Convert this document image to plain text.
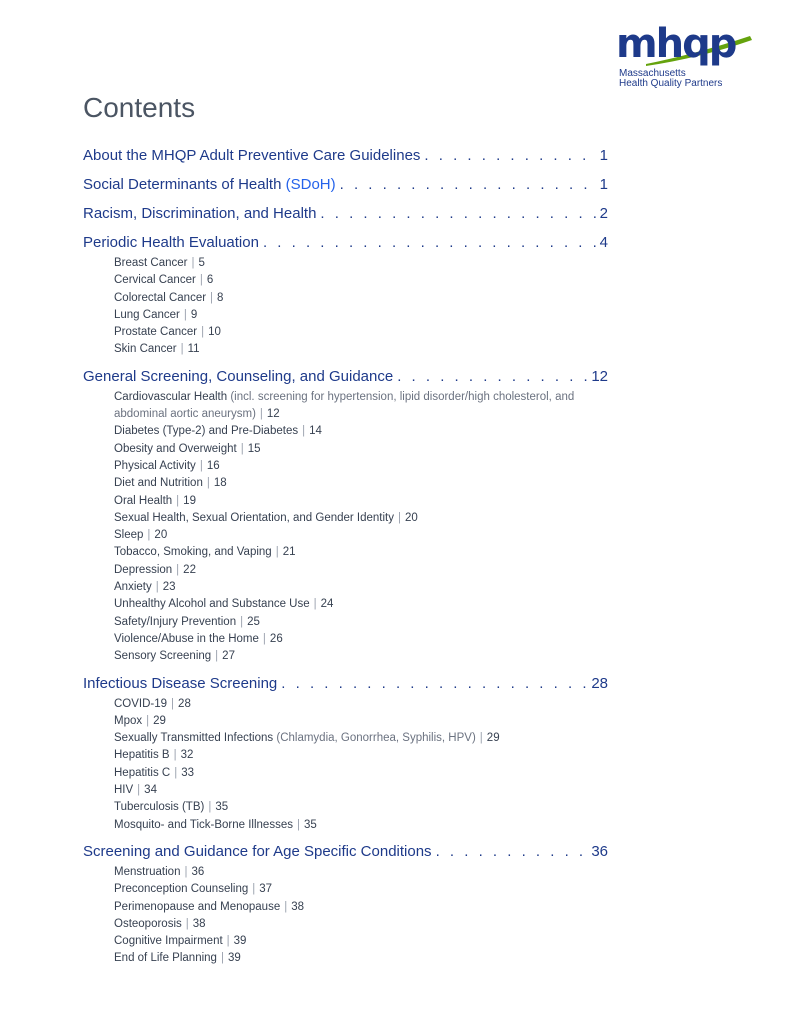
mhqp
Massachusetts
Health Quality Partners
Contents
About the MHQP Adult Preventive Care Guidelines . . .	1
Social Determinants of Health
(SDoH) . . .	1
Racism, Discrimination, and Health . . .	2
Periodic Health Evaluation . . .	4
Breast Cancer | 5
Cervical Cancer | 6
Colorectal Cancer | 8
Lung Cancer | 9
Prostate Cancer | 10
Skin Cancer | 11
General Screening, Counseling, and Guidance . . .	12
Cardiovascular Health (incl. screening for hypertension, lipid disorder/high cholesterol, and abdominal aortic aneurysm) | 12
Diabetes (Type-2) and Pre-Diabetes | 14
Obesity and Overweight | 15
Physical Activity | 16
Diet and Nutrition | 18
Oral Health | 19
Sexual Health, Sexual Orientation, and Gender Identity | 20
Sleep | 20
Tobacco, Smoking, and Vaping | 21
Depression | 22
Anxiety | 23
Unhealthy Alcohol and Substance Use | 24
Safety/Injury Prevention | 25
Violence/Abuse in the Home | 26
Sensory Screening | 27
Infectious Disease Screening . . .	28
COVID-19 | 28
Mpox | 29
Sexually Transmitted Infections (Chlamydia, Gonorrhea, Syphilis, HPV) | 29
Hepatitis B | 32
Hepatitis C | 33
HIV | 34
Tuberculosis (TB) | 35
Mosquito- and Tick-Borne Illnesses | 35
Screening and Guidance for Age Specific Conditions . . .	36
Menstruation | 36
Preconception Counseling | 37
Perimenopause and Menopause | 38
Osteoporosis | 38
Cognitive Impairment | 39
End of Life Planning | 39
